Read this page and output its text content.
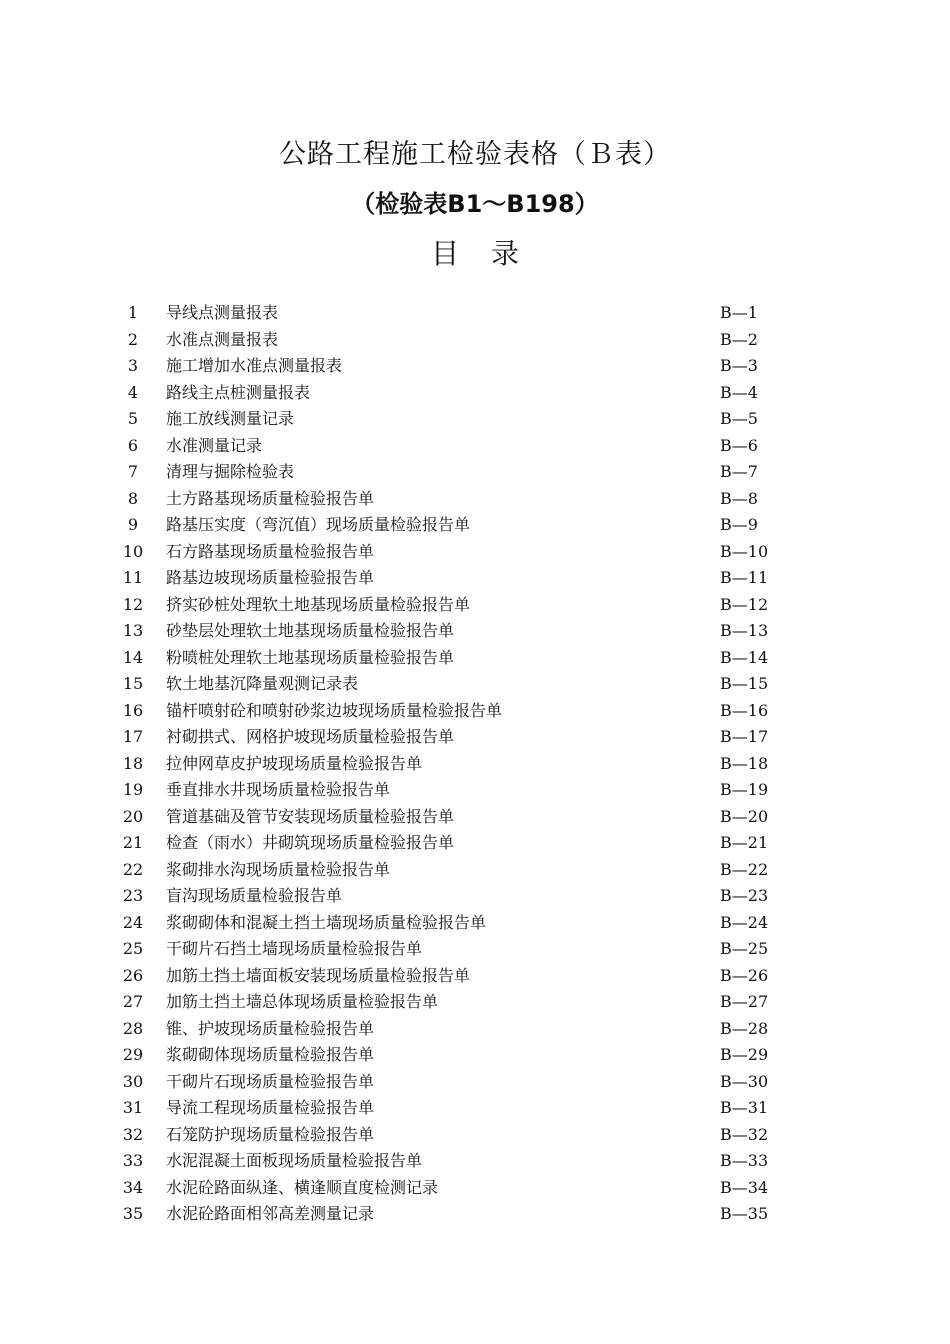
公路工程施工检验表格（Ｂ表）
（检验表B1～B198）
目录
1	导线点测量报表	B—1
2	水准点测量报表	B—2
3	施工增加水准点测量报表	B—3
4	路线主点桩测量报表	B—4
5	施工放线测量记录	B—5
6	水准测量记录	B—6
7	清理与掘除检验表	B—7
8	土方路基现场质量检验报告单	B—8
9	路基压实度（弯沉值）现场质量检验报告单	B—9
10	石方路基现场质量检验报告单	B—10
11	路基边坡现场质量检验报告单	B—11
12	挤实砂桩处理软土地基现场质量检验报告单	B—12
13	砂垫层处理软土地基现场质量检验报告单	B—13
14	粉喷桩处理软土地基现场质量检验报告单	B—14
15	软土地基沉降量观测记录表	B—15
16	锚杆喷射砼和喷射砂浆边坡现场质量检验报告单	B—16
17	衬砌拱式、网格护坡现场质量检验报告单	B—17
18	拉伸网草皮护坡现场质量检验报告单	B—18
19	垂直排水井现场质量检验报告单	B—19
20	管道基础及管节安装现场质量检验报告单	B—20
21	检查（雨水）井砌筑现场质量检验报告单	B—21
22	浆砌排水沟现场质量检验报告单	B—22
23	盲沟现场质量检验报告单	B—23
24	浆砌砌体和混凝土挡土墙现场质量检验报告单	B—24
25	干砌片石挡土墙现场质量检验报告单	B—25
26	加筋土挡土墙面板安装现场质量检验报告单	B—26
27	加筋土挡土墙总体现场质量检验报告单	B—27
28	锥、护坡现场质量检验报告单	B—28
29	浆砌砌体现场质量检验报告单	B—29
30	干砌片石现场质量检验报告单	B—30
31	导流工程现场质量检验报告单	B—31
32	石笼防护现场质量检验报告单	B—32
33	水泥混凝土面板现场质量检验报告单	B—33
34	水泥砼路面纵逢、横逢顺直度检测记录	B—34
35	水泥砼路面相邻高差测量记录	B—35
